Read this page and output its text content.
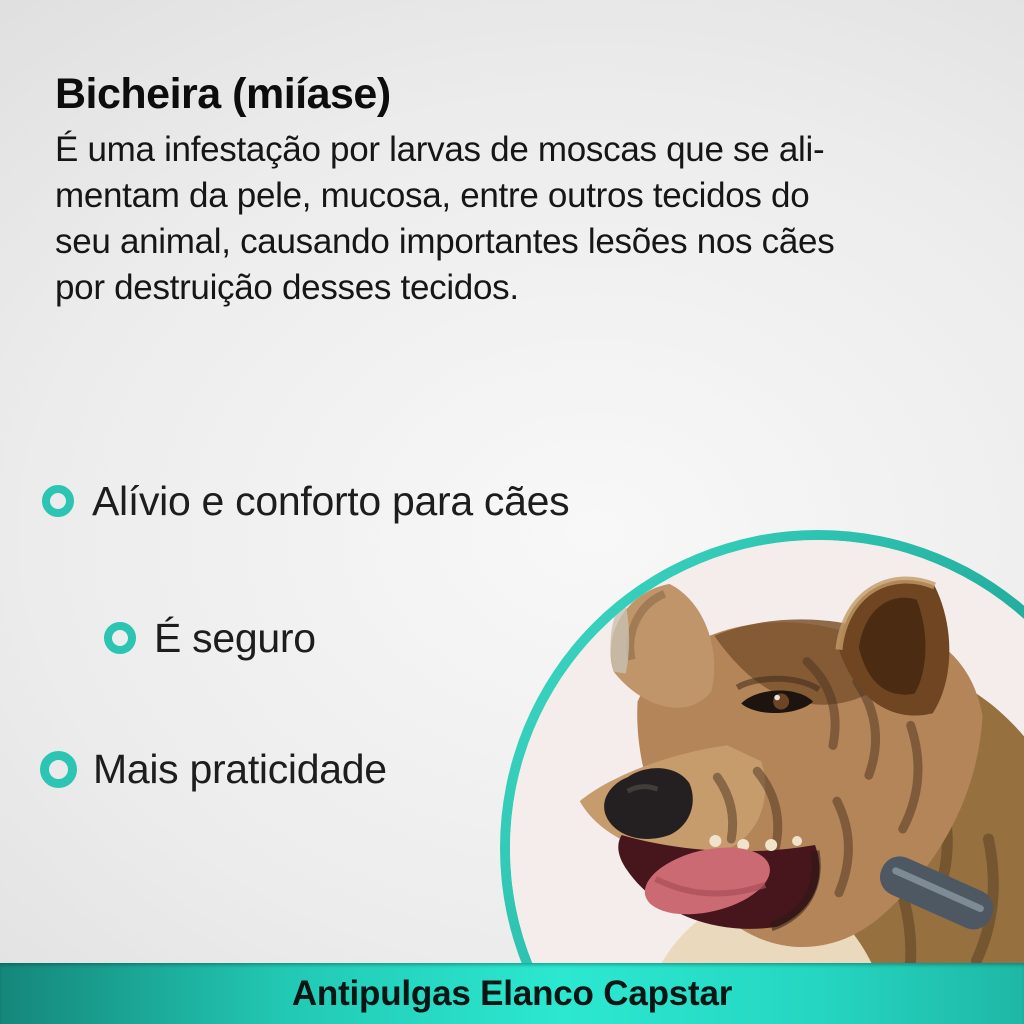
Bicheira (miíase)
É uma infestação por larvas de moscas que se ali-
mentam da pele, mucosa, entre outros tecidos do
seu animal, causando importantes lesões nos cães
por destruição desses tecidos.
Alívio e conforto para cães
É seguro
Mais praticidade
Antipulgas Elanco Capstar
